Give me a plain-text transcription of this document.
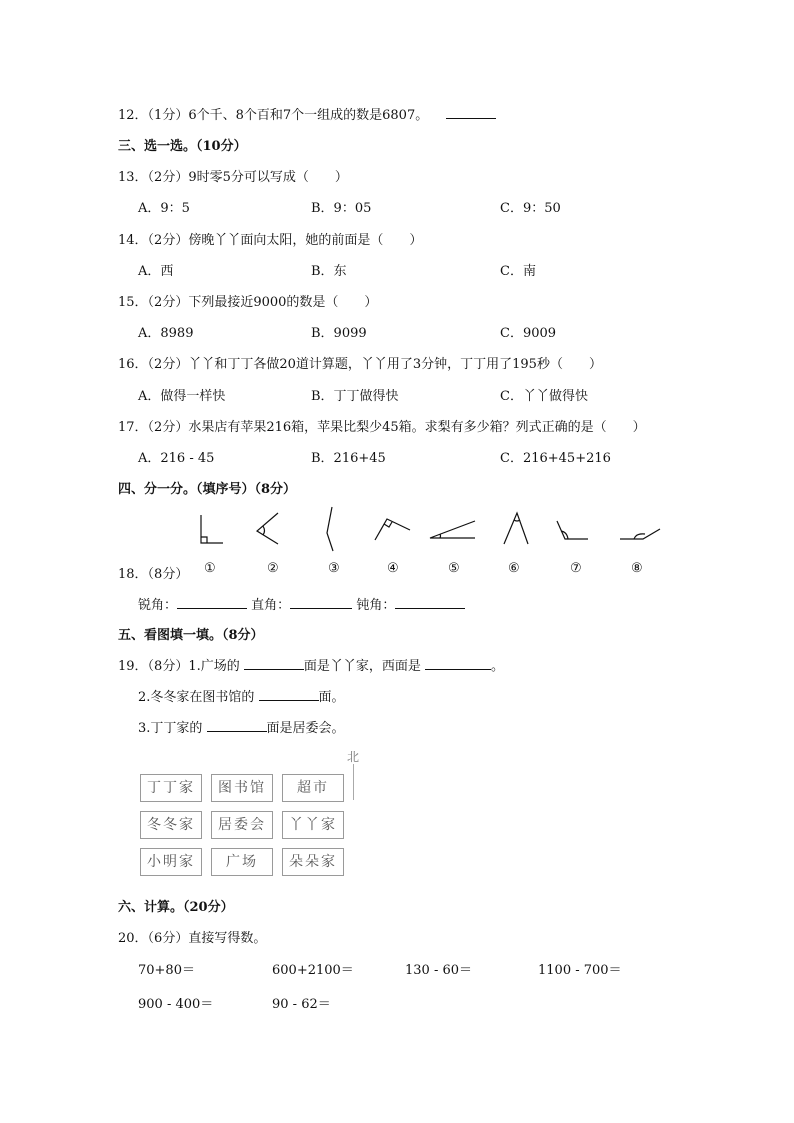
12．（1分）6个千、8个百和7个一组成的数是6807。
三、选一选。（10分）
13．（2分）9时零5分可以写成（　　）
A．9：5	B．9：05	C．9：50
14．（2分）傍晚丫丫面向太阳，她的前面是（　　）
A．西	B．东	C．南
15．（2分）下列最接近9000的数是（　　）
A．8989	B．9099	C．9009
16．（2分）丫丫和丁丁各做20道计算题，丫丫用了3分钟，丁丁用了195秒（　　）
A．做得一样快	B．丁丁做得快	C．丫丫做得快
17．（2分）水果店有苹果216箱，苹果比梨少45箱。求梨有多少箱？列式正确的是（　　）
A．216 - 45	B．216+45	C．216+45+216
四、分一分。（填序号）（8分）
18．（8分） ①	②	③	④	⑤	⑥	⑦	⑧
锐角：	直角：	钝角：
五、看图填一填。（8分）
19．（8分）1.广场的	面是丫丫家，西面是	。
2.冬冬家在图书馆的	面。
3.丁丁家的	面是居委会。
北
丁丁家	图书馆	超市
冬冬家	居委会	丫丫家
小明家	广场	朵朵家
六、计算。（20分）
20．（6分）直接写得数。
70+80＝	600+2100＝	130 - 60＝	1100 - 700＝
900 - 400＝	90 - 62＝
